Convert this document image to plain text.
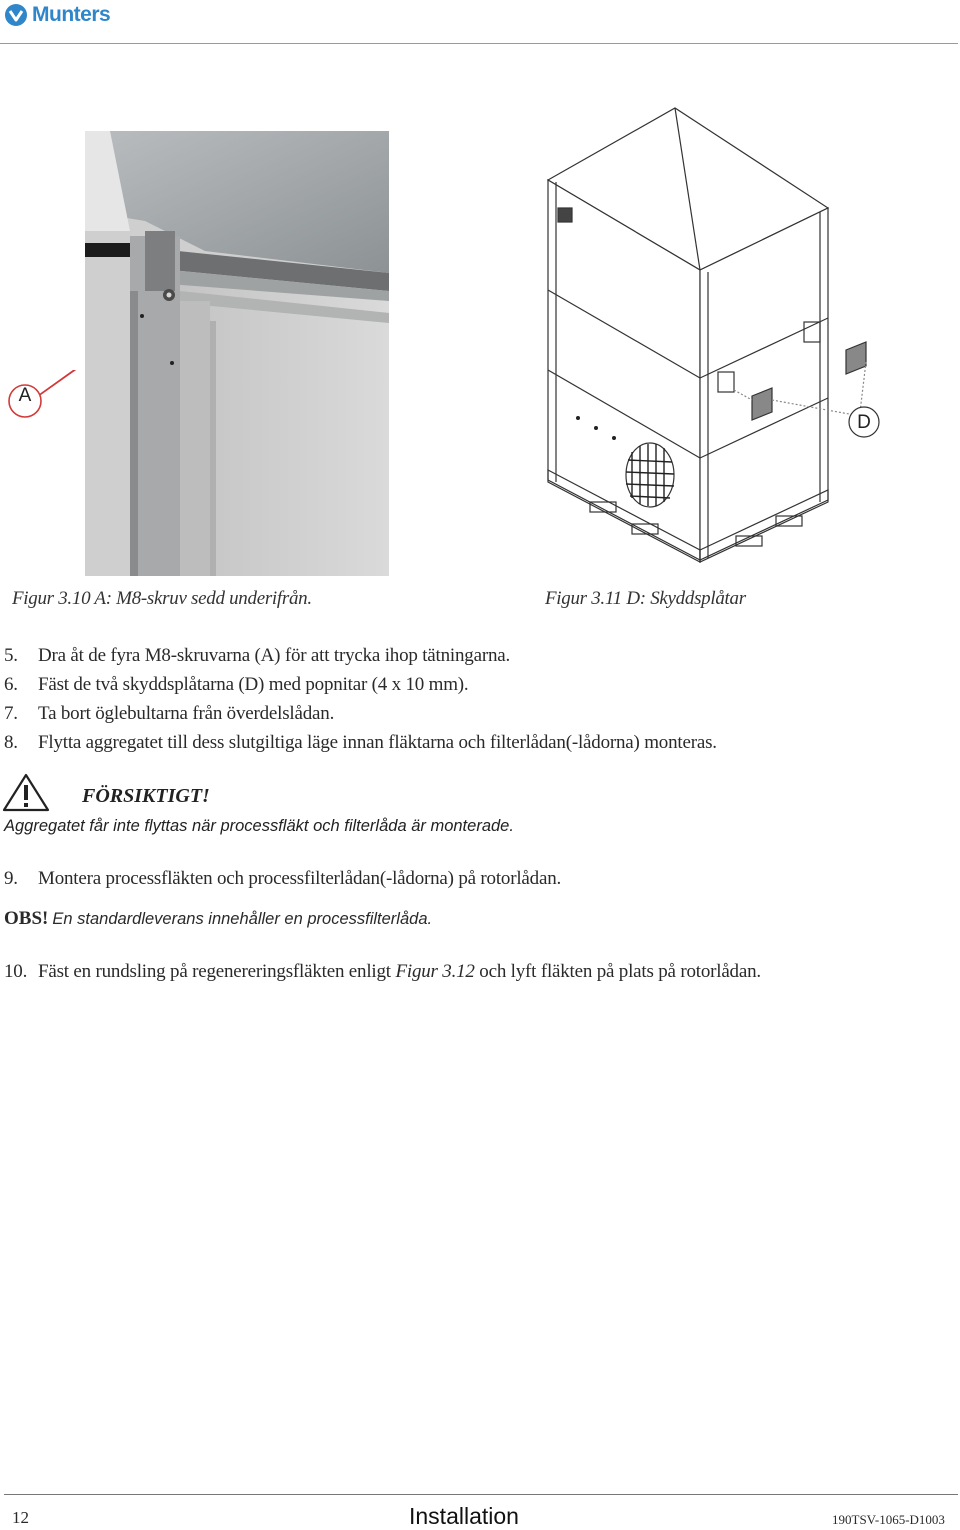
Munters
A
D
Figur 3.10 A: M8-skruv sedd underifrån.	Figur 3.11 D: Skyddsplåtar
5. Dra åt de fyra M8-skruvarna (A) för att trycka ihop tätningarna.
6. Fäst de två skyddsplåtarna (D) med popnitar (4 x 10 mm).
7. Ta bort öglebultarna från överdelslådan.
8. Flytta aggregatet till dess slutgiltiga läge innan fläktarna och filterlådan(-lådorna) monteras.
FÖRSIKTIGT!
Aggregatet får inte flyttas när processfläkt och filterlåda är monterade.
9. Montera processfläkten och processfilterlådan(-lådorna) på rotorlådan.
OBS! En standardleverans innehåller en processfilterlåda.
10. Fäst en rundsling på regenereringsfläkten enligt Figur 3.12 och lyft fläkten på plats på rotorlådan.
12	Installation	190TSV-1065-D1003
